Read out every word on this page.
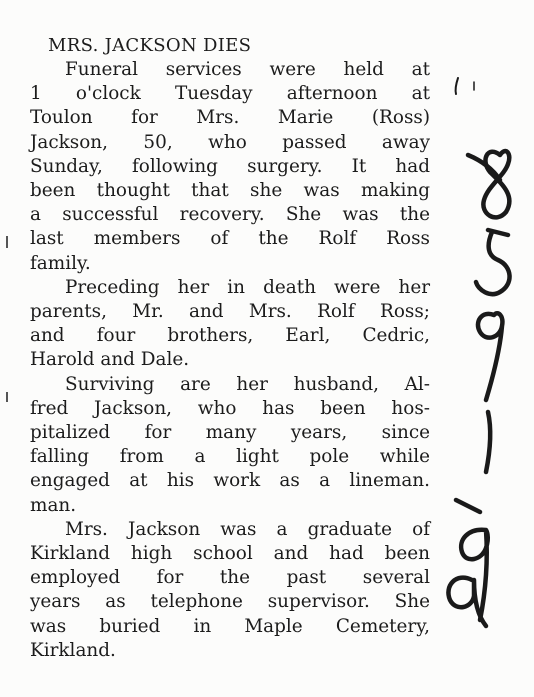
MRS. JACKSON DIES

Funeral services were held at
1 o'clock Tuesday afternoon at
Toulon for Mrs. Marie (Ross)
Jackson, 50, who passed away
Sunday, following surgery. It had
been thought that she was making
a successful recovery. She was the
last members of the Rolf Ross
family.

Preceding her in death were her
parents, Mr. and Mrs. Rolf Ross;
and four brothers, Earl, Cedric,
Harold and Dale.

Surviving are her husband, Al-
fred Jackson, who has been hos-
pitalized for many years, since
falling from a light pole while
engaged at his work as a lineman.
man.

Mrs. Jackson was a graduate of
Kirkland high school and had been
employed for the past several
years as telephone supervisor. She
was buried in Maple Cemetery,
Kirkland.
